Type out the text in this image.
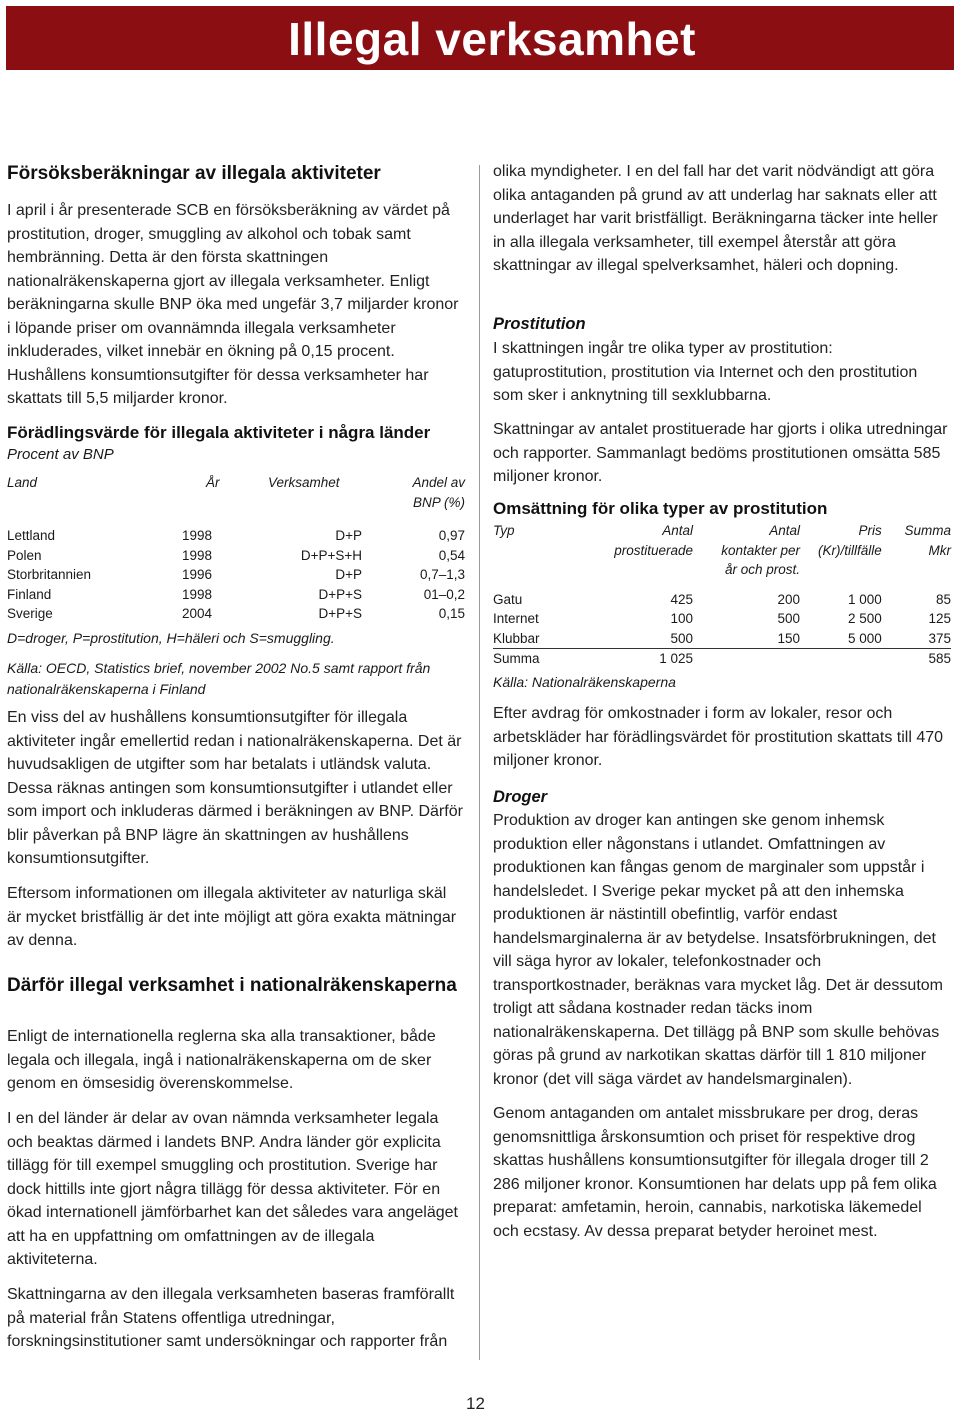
Illegal verksamhet
Försöksberäkningar av illegala aktiviteter

I april i år presenterade SCB en försöksberäkning av värdet på prostitution, droger, smuggling av alkohol och tobak samt hembränning. Detta är den första skattningen nationalräkenskaperna gjort av illegala verksamheter. Enligt beräkningarna skulle BNP öka med ungefär 3,7 miljarder kronor i löpande priser om ovannämnda illegala verksamheter inkluderades, vilket innebär en ökning på 0,15 procent. Hushållens konsumtionsutgifter för dessa verksamheter har skattats till 5,5 miljarder kronor.

Förädlingsvärde för illegala aktiviteter i några länder
Procent av BNP
Land	År	Verksamhet	Andel av BNP (%)

Lettland	1998	D+P	0,97
Polen	1998	D+P+S+H	0,54
Storbritannien	1996	D+P	0,7–1,3
Finland	1998	D+P+S	01–0,2
Sverige	2004	D+P+S	0,15
D=droger, P=prostitution, H=häleri och S=smuggling.
Källa: OECD, Statistics brief, november 2002 No.5 samt rapport från nationalräkenskaperna i Finland

En viss del av hushållens konsumtionsutgifter för illegala aktiviteter ingår emellertid redan i nationalräkenskaperna. Det är huvudsakligen de utgifter som har betalats i utländsk valuta. Dessa räknas antingen som konsumtionsutgifter i utlandet eller som import och inkluderas därmed i beräkningen av BNP. Därför blir påverkan på BNP lägre än skattningen av hushållens konsumtionsutgifter.

Eftersom informationen om illegala aktiviteter av naturliga skäl är mycket bristfällig är det inte möjligt att göra exakta mätningar av denna.

Därför illegal verksamhet i nationalräkenskaperna

Enligt de internationella reglerna ska alla transaktioner, både legala och illegala, ingå i nationalräkenskaperna om de sker genom en ömsesidig överenskommelse.

I en del länder är delar av ovan nämnda verksamheter legala och beaktas därmed i landets BNP. Andra länder gör explicita tillägg för till exempel smuggling och prostitution. Sverige har dock hittills inte gjort några tillägg för dessa aktiviteter. För en ökad internationell jämförbarhet kan det således vara angeläget att ha en uppfattning om omfattningen av de illegala aktiviteterna.

Skattningarna av den illegala verksamheten baseras framförallt på material från Statens offentliga utredningar, forskningsinstitutioner samt undersökningar och rapporter från

olika myndigheter. I en del fall har det varit nödvändigt att göra olika antaganden på grund av att underlag har saknats eller att underlaget har varit bristfälligt. Beräkningarna täcker inte heller in alla illegala verksamheter, till exempel återstår att göra skattningar av illegal spelverksamhet, häleri och dopning.

Prostitution

I skattningen ingår tre olika typer av prostitution: gatuprostitution, prostitution via Internet och den prostitution som sker i anknytning till sexklubbarna.

Skattningar av antalet prostituerade har gjorts i olika utredningar och rapporter. Sammanlagt bedöms prostitutionen omsätta 585 miljoner kronor.

Omsättning för olika typer av prostitution
Typ	Antal prostituerade	Antal kontakter per år och prost.	Pris (Kr)/tillfälle	Summa Mkr

Gatu	425	200	1 000	85
Internet	100	500	2 500	125
Klubbar	500	150	5 000	375
Summa	1 025			585
Källa: Nationalräkenskaperna

Efter avdrag för omkostnader i form av lokaler, resor och arbetskläder har förädlingsvärdet för prostitution skattats till 470 miljoner kronor.

Droger

Produktion av droger kan antingen ske genom inhemsk produktion eller någonstans i utlandet. Omfattningen av produktionen kan fångas genom de marginaler som uppstår i handelsledet. I Sverige pekar mycket på att den inhemska produktionen är nästintill obefintlig, varför endast handelsmarginalerna är av betydelse. Insatsförbrukningen, det vill säga hyror av lokaler, telefonkostnader och transportkostnader, beräknas vara mycket låg. Det är dessutom troligt att sådana kostnader redan täcks inom nationalräkenskaperna. Det tillägg på BNP som skulle behövas göras på grund av narkotikan skattas därför till 1 810 miljoner kronor (det vill säga värdet av handelsmarginalen).

Genom antaganden om antalet missbrukare per drog, deras genomsnittliga årskonsumtion och priset för respektive drog skattas hushållens konsumtionsutgifter för illegala droger till 2 286 miljoner kronor. Konsumtionen har delats upp på fem olika preparat: amfetamin, heroin, cannabis, narkotiska läkemedel och ecstasy. Av dessa preparat betyder heroinet mest.

12
